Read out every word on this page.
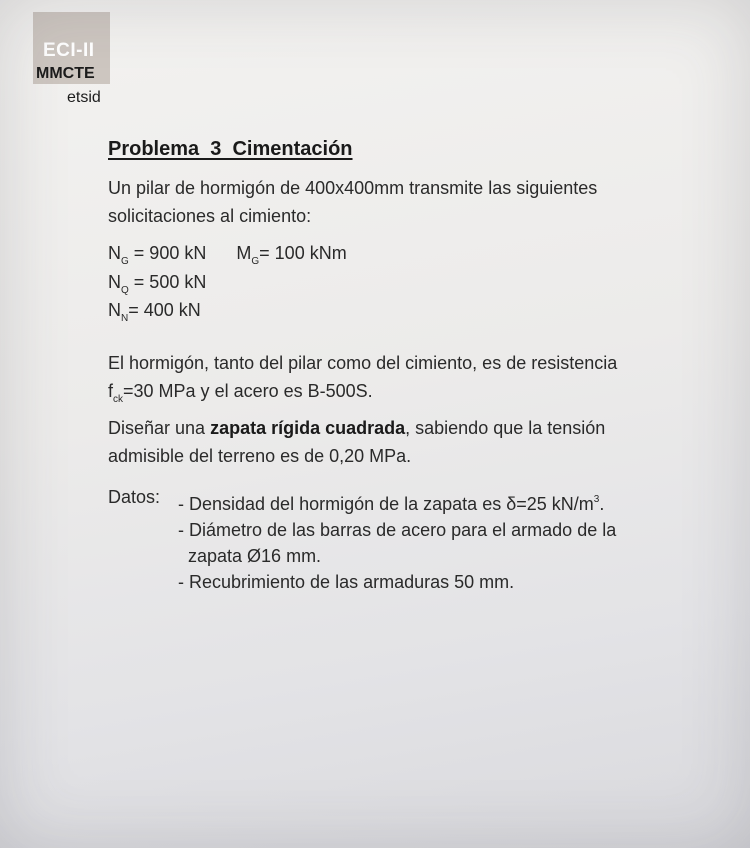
ECI-II
MMCTE
etsid
Problema  3  Cimentación
Un pilar de hormigón de 400x400mm transmite las siguientes
solicitaciones al cimiento:
$N_G = 900$ kN $M_G= 100$ kNm
$N_Q = 500$ kN
$N_N= 400$ kN
El hormigón, tanto del pilar como del cimiento, es de resistencia
$f_{ck}=30$ MPa y el acero es B-500S.
Diseñar una zapata rígida cuadrada, sabiendo que la tensión
admisible del terreno es de 0,20 MPa.
Datos: - Densidad del hormigón de la zapata es δ=25 $kN/m^3$.
- Diámetro de las barras de acero para el armado de la
zapata Ø16 mm.
- Recubrimiento de las armaduras 50 mm.
